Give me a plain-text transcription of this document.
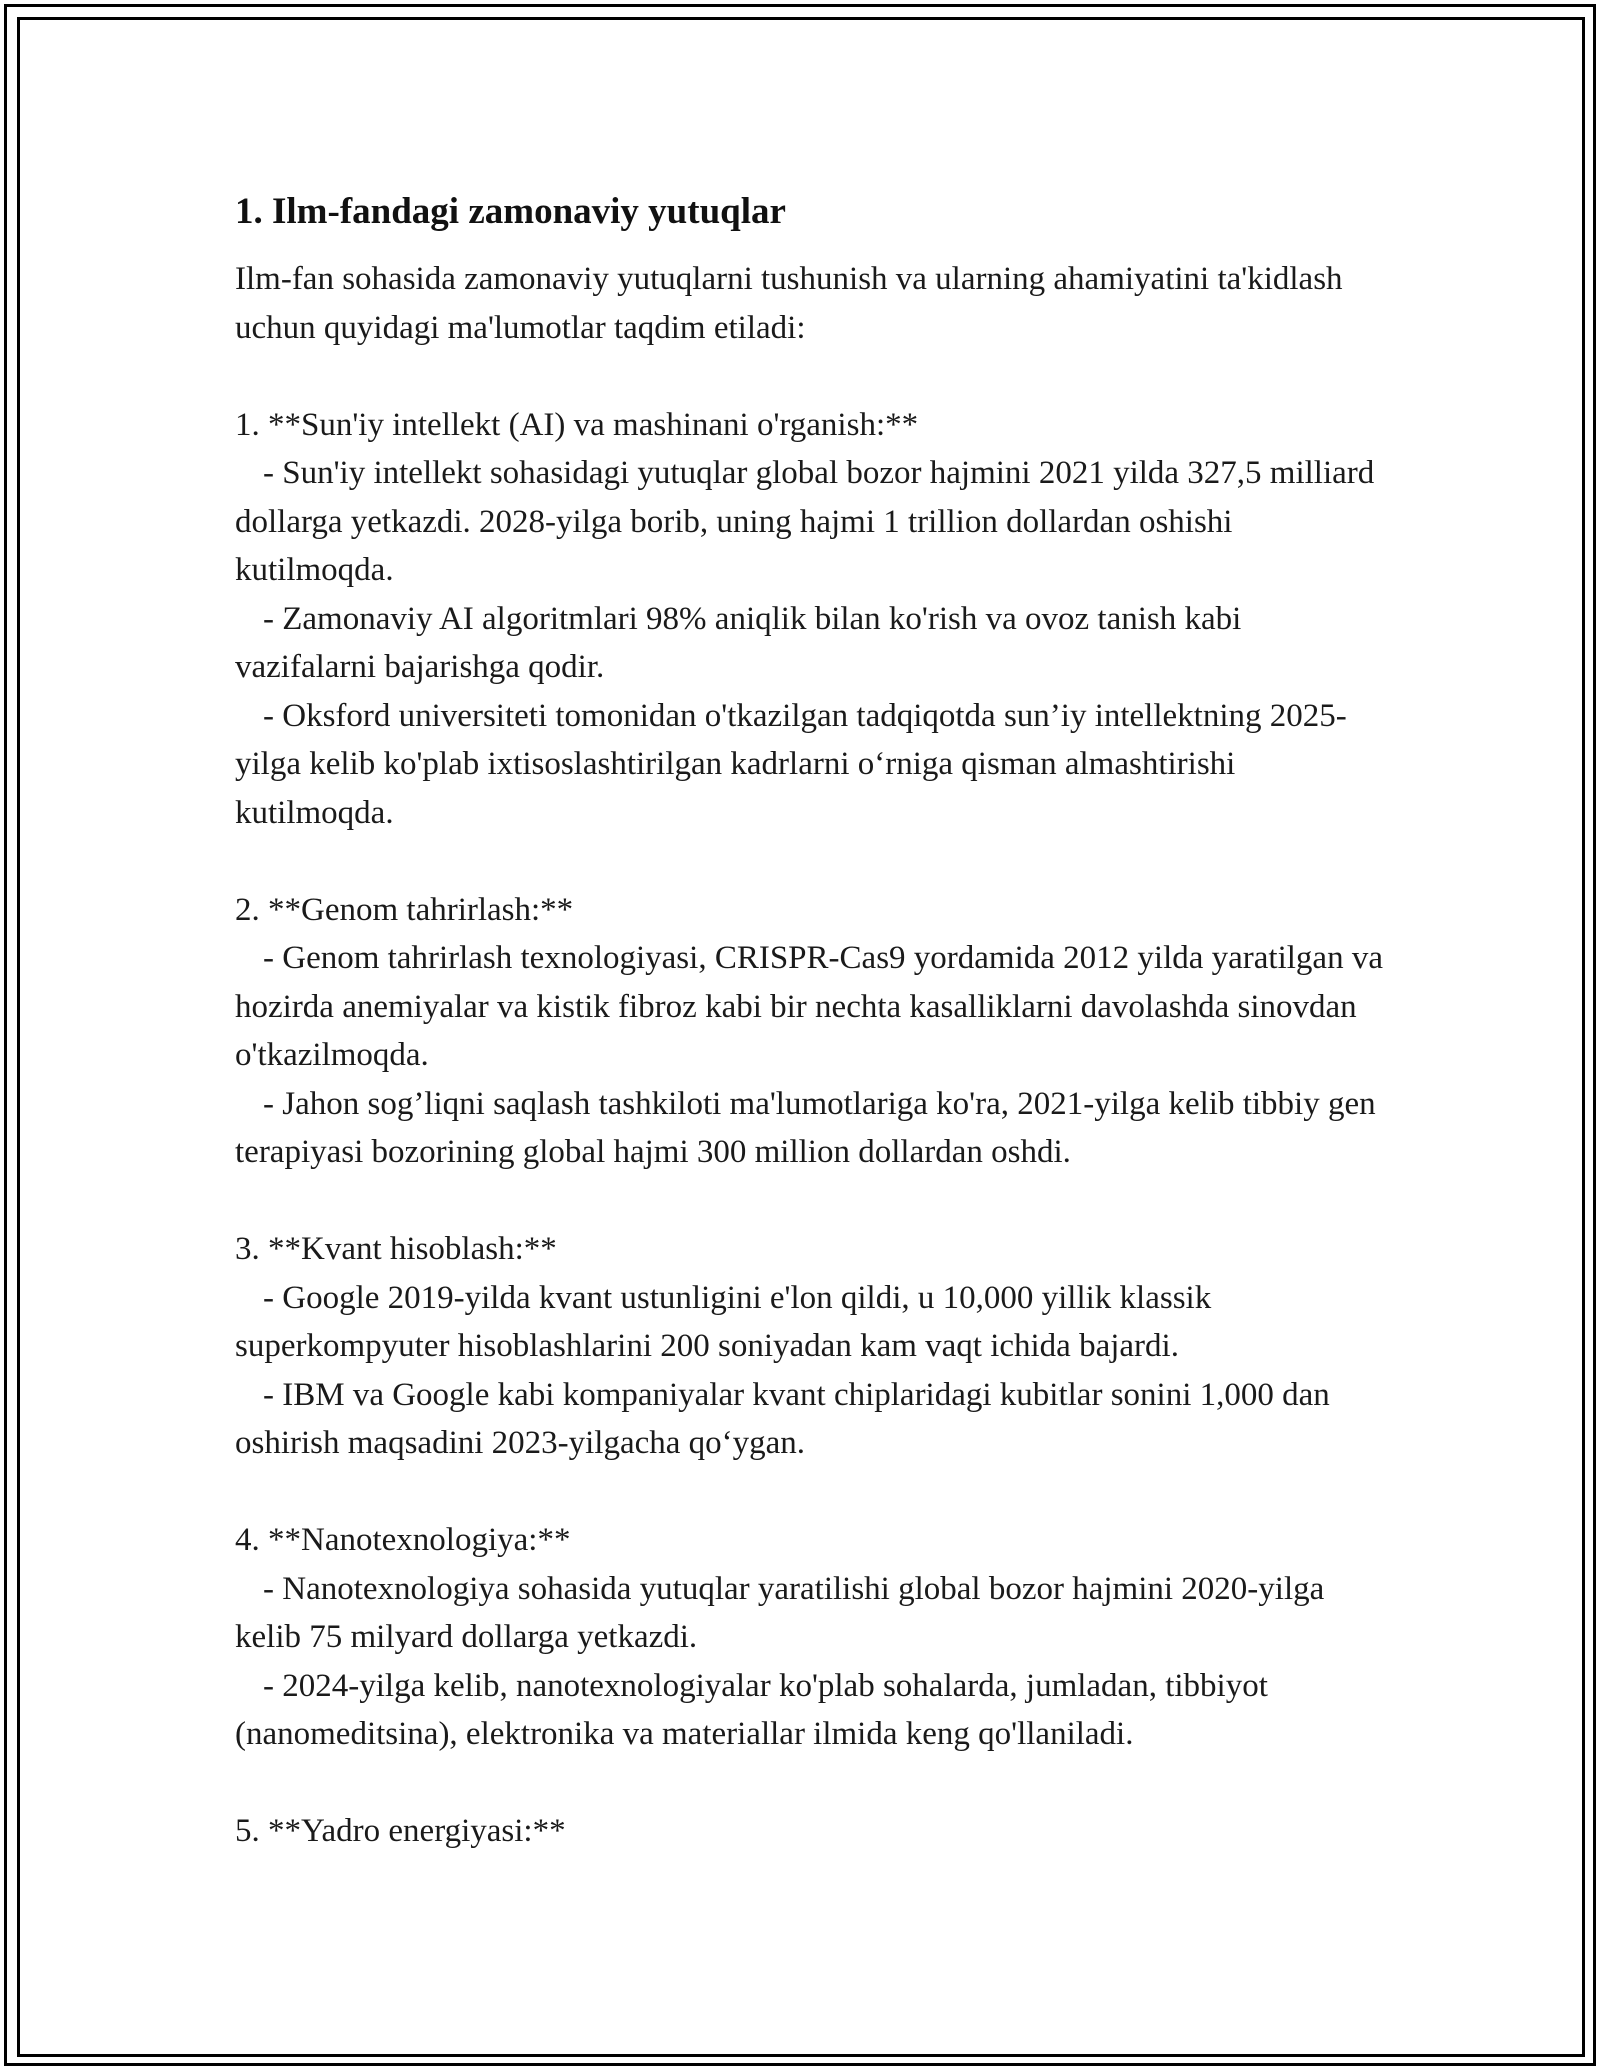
1. Ilm-fandagi zamonaviy yutuqlar

Ilm-fan sohasida zamonaviy yutuqlarni tushunish va ularning ahamiyatini ta'kidlash uchun quyidagi ma'lumotlar taqdim etiladi:

1. **Sun'iy intellekt (AI) va mashinani o'rganish:**

- Sun'iy intellekt sohasidagi yutuqlar global bozor hajmini 2021 yilda 327,5 milliard dollarga yetkazdi. 2028-yilga borib, uning hajmi 1 trillion dollardan oshishi kutilmoqda.

- Zamonaviy AI algoritmlari 98% aniqlik bilan ko'rish va ovoz tanish kabi vazifalarni bajarishga qodir.

- Oksford universiteti tomonidan o'tkazilgan tadqiqotda sun’iy intellektning 2025-yilga kelib ko'plab ixtisoslashtirilgan kadrlarni o‘rniga qisman almashtirishi kutilmoqda.

2. **Genom tahrirlash:**

- Genom tahrirlash texnologiyasi, CRISPR-Cas9 yordamida 2012 yilda yaratilgan va hozirda anemiyalar va kistik fibroz kabi bir nechta kasalliklarni davolashda sinovdan o'tkazilmoqda.

- Jahon sog’liqni saqlash tashkiloti ma'lumotlariga ko'ra, 2021-yilga kelib tibbiy gen terapiyasi bozorining global hajmi 300 million dollardan oshdi.

3. **Kvant hisoblash:**

- Google 2019-yilda kvant ustunligini e'lon qildi, u 10,000 yillik klassik superkompyuter hisoblashlarini 200 soniyadan kam vaqt ichida bajardi.

- IBM va Google kabi kompaniyalar kvant chiplaridagi kubitlar sonini 1,000 dan oshirish maqsadini 2023-yilgacha qo‘ygan.

4. **Nanotexnologiya:**

- Nanotexnologiya sohasida yutuqlar yaratilishi global bozor hajmini 2020-yilga kelib 75 milyard dollarga yetkazdi.

- 2024-yilga kelib, nanotexnologiyalar ko'plab sohalarda, jumladan, tibbiyot (nanomeditsina), elektronika va materiallar ilmida keng qo'llaniladi.

5. **Yadro energiyasi:**
